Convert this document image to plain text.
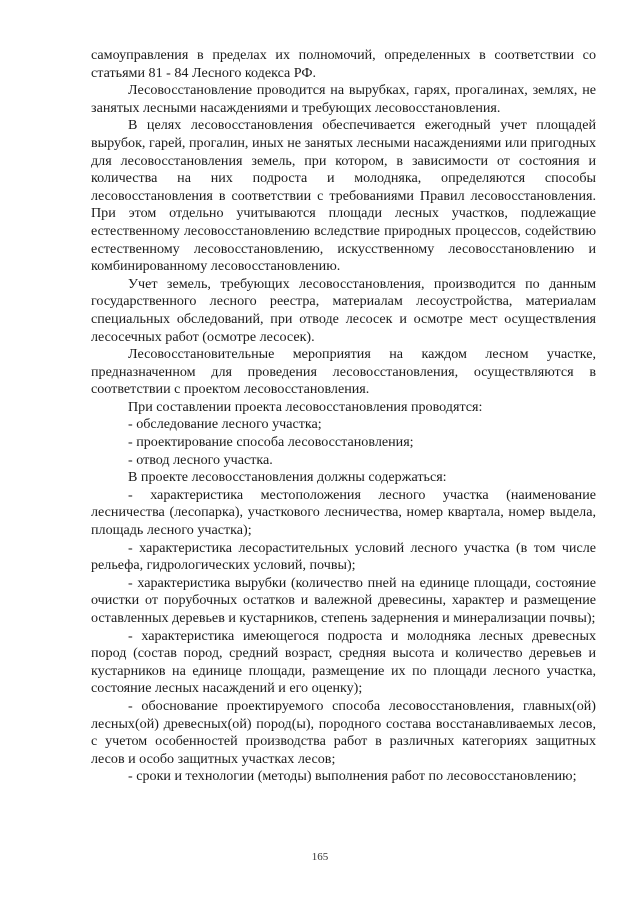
самоуправления в пределах их полномочий, определенных в соответствии со статьями 81 - 84 Лесного кодекса РФ.

Лесовосстановление проводится на вырубках, гарях, прогалинах, землях, не занятых лесными насаждениями и требующих лесовосстановления.

В целях лесовосстановления обеспечивается ежегодный учет площадей вырубок, гарей, прогалин, иных не занятых лесными насаждениями или пригодных для лесовосстановления земель, при котором, в зависимости от состояния и количества на них подроста и молодняка, определяются способы лесовосстановления в соответствии с требованиями Правил лесовосстановления. При этом отдельно учитываются площади лесных участков, подлежащие естественному лесовосстановлению вследствие природных процессов, содействию естественному лесовосстановлению, искусственному лесовосстановлению и комбинированному лесовосстановлению.

Учет земель, требующих лесовосстановления, производится по данным государственного лесного реестра, материалам лесоустройства, материалам специальных обследований, при отводе лесосек и осмотре мест осуществления лесосечных работ (осмотре лесосек).

Лесовосстановительные мероприятия на каждом лесном участке, предназначенном для проведения лесовосстановления, осуществляются в соответствии с проектом лесовосстановления.

При составлении проекта лесовосстановления проводятся:

- обследование лесного участка;

- проектирование способа лесовосстановления;

- отвод лесного участка.

В проекте лесовосстановления должны содержаться:

- характеристика местоположения лесного участка (наименование лесничества (лесопарка), участкового лесничества, номер квартала, номер выдела, площадь лесного участка);

- характеристика лесорастительных условий лесного участка (в том числе рельефа, гидрологических условий, почвы);

- характеристика вырубки (количество пней на единице площади, состояние очистки от порубочных остатков и валежной древесины, характер и размещение оставленных деревьев и кустарников, степень задернения и минерализации почвы);

- характеристика имеющегося подроста и молодняка лесных древесных пород (состав пород, средний возраст, средняя высота и количество деревьев и кустарников на единице площади, размещение их по площади лесного участка, состояние лесных насаждений и его оценку);

- обоснование проектируемого способа лесовосстановления, главных(ой) лесных(ой) древесных(ой) пород(ы), породного состава восстанавливаемых лесов, с учетом особенностей производства работ в различных категориях защитных лесов и особо защитных участках лесов;

- сроки и технологии (методы) выполнения работ по лесовосстановлению;

165
